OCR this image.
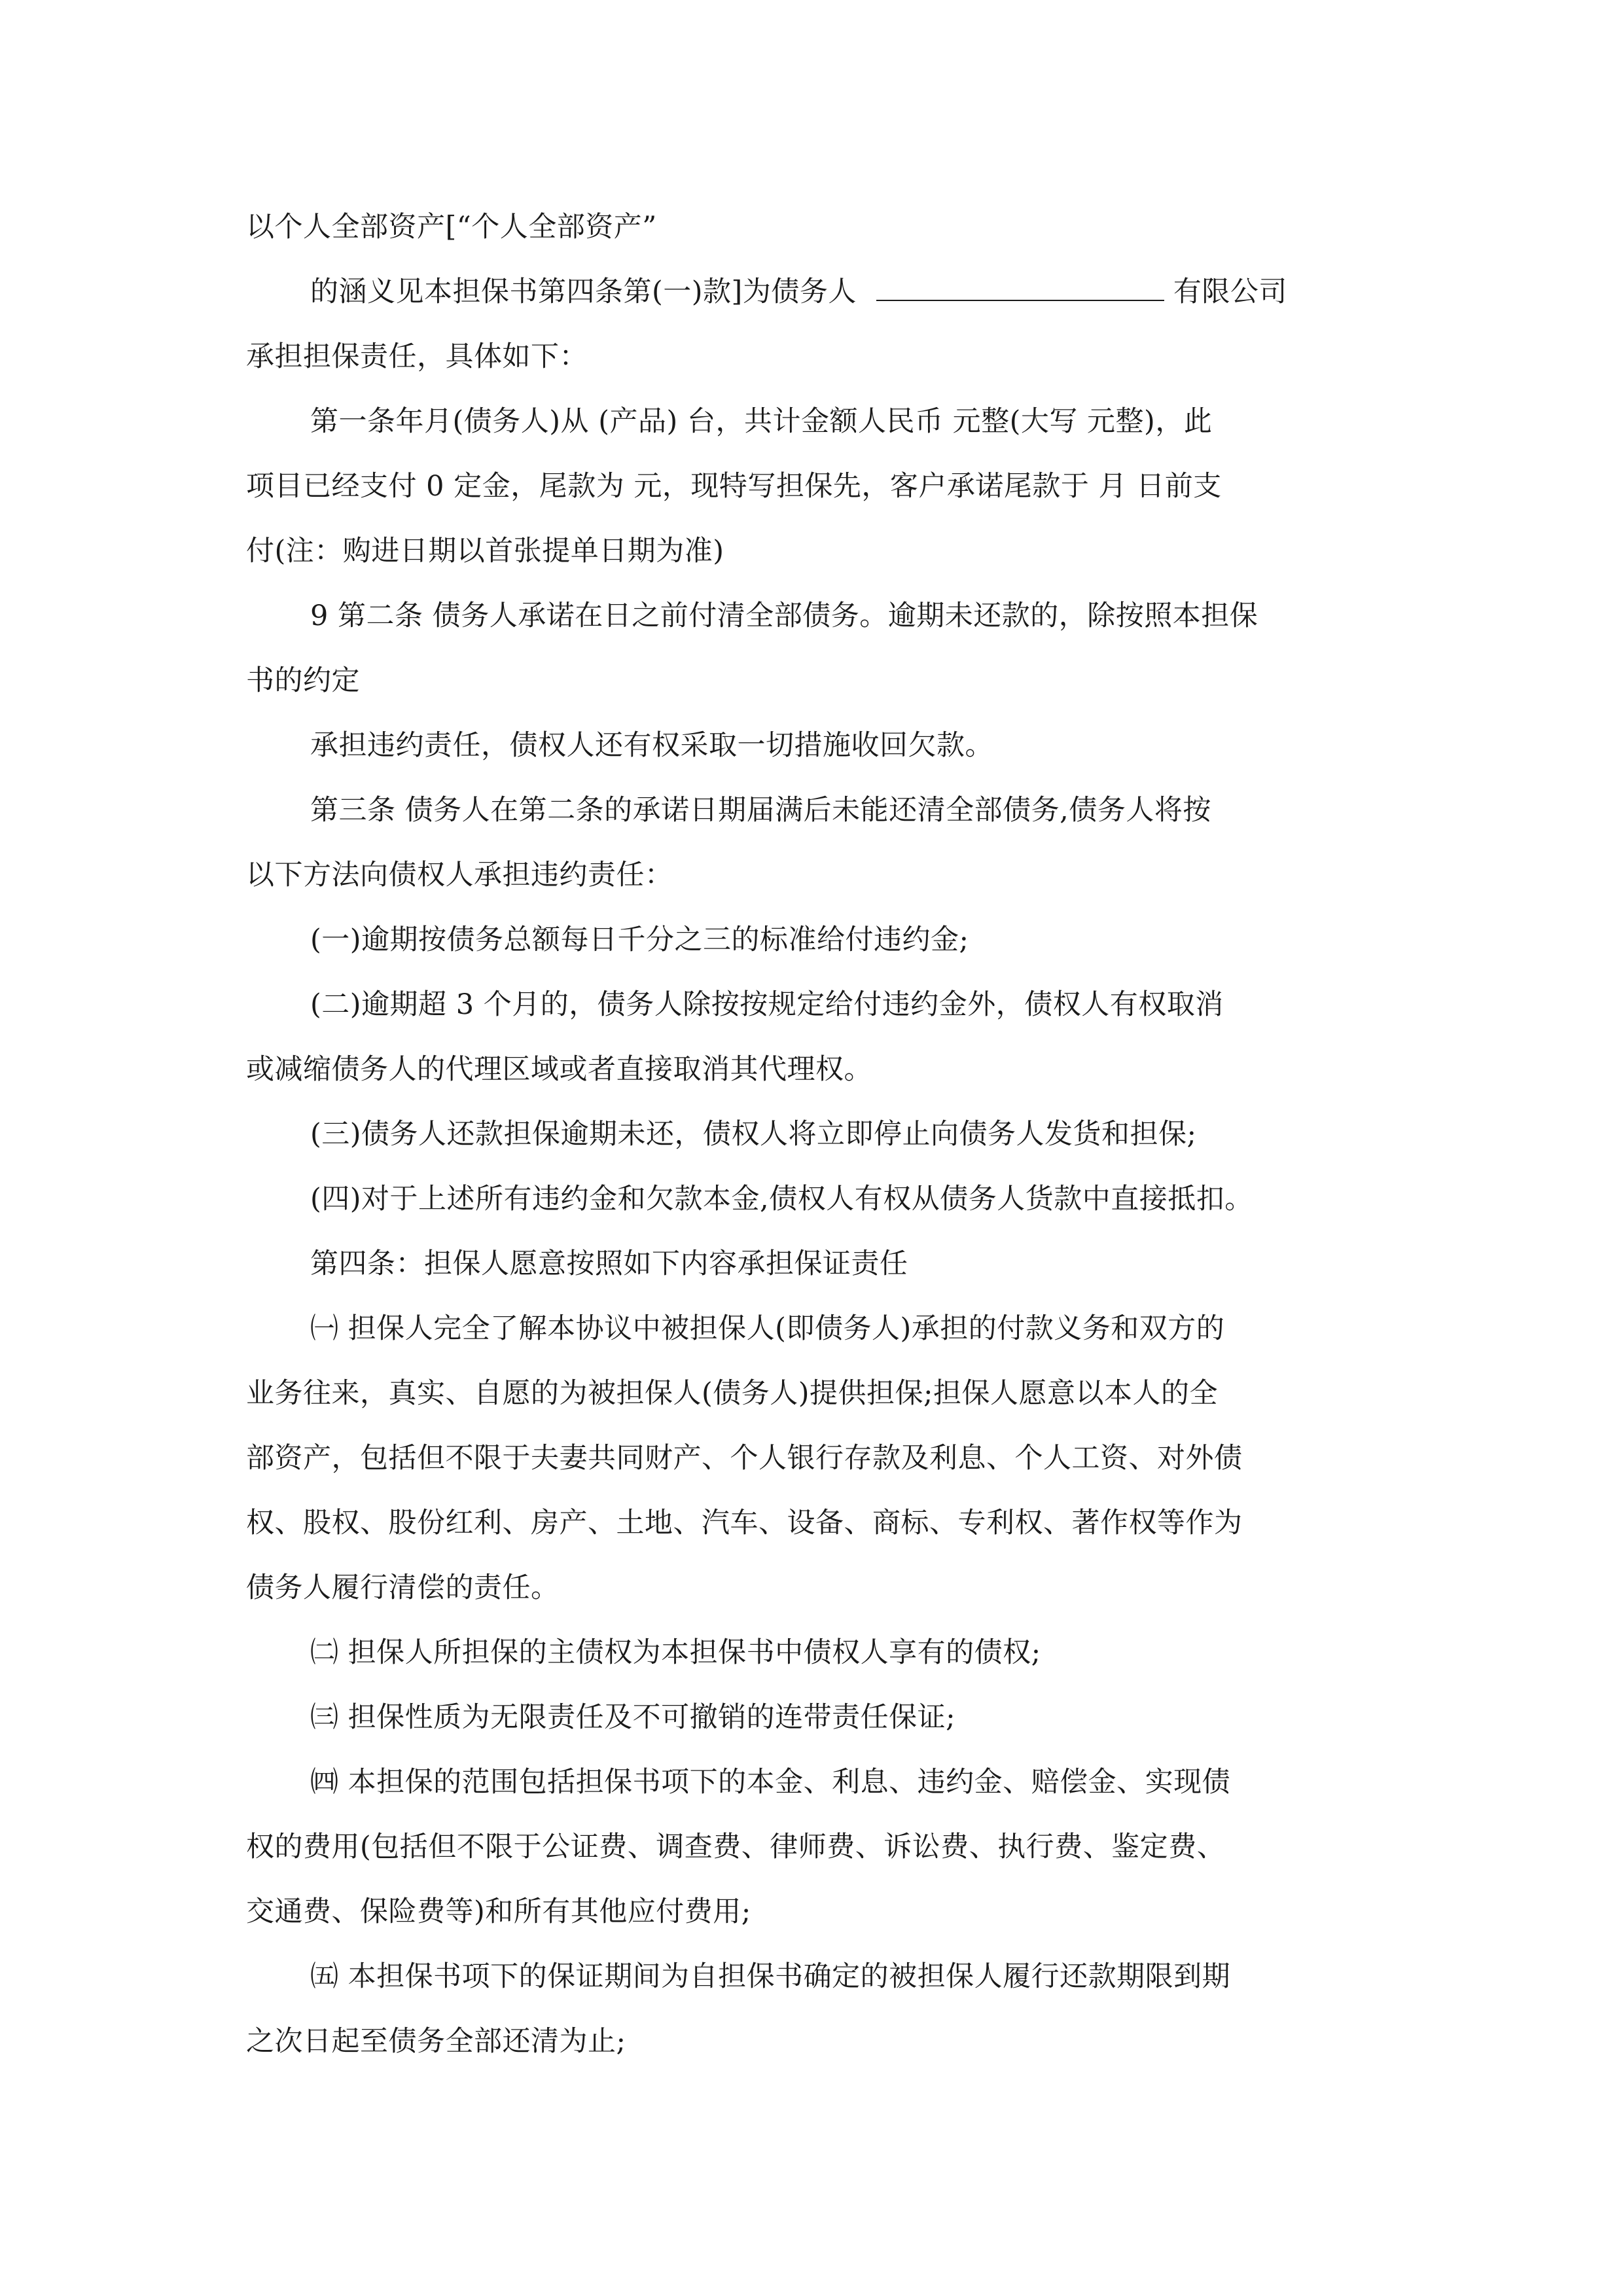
以个人全部资产[“个人全部资产”
的涵义见本担保书第四条第(一)款]为债务人	有限公司
承担担保责任，具体如下：
第一条年月(债务人)从 (产品) 台，共计金额人民币 元整(大写 元整)，此
项目已经支付 0 定金，尾款为 元，现特写担保先，客户承诺尾款于 月 日前支
付(注：购进日期以首张提单日期为准)
9 第二条 债务人承诺在日之前付清全部债务。逾期未还款的，除按照本担保
书的约定
承担违约责任，债权人还有权采取一切措施收回欠款。
第三条 债务人在第二条的承诺日期届满后未能还清全部债务,债务人将按
以下方法向债权人承担违约责任：
(一)逾期按债务总额每日千分之三的标准给付违约金;
(二)逾期超 3 个月的，债务人除按按规定给付违约金外，债权人有权取消
或减缩债务人的代理区域或者直接取消其代理权。
(三)债务人还款担保逾期未还，债权人将立即停止向债务人发货和担保;
(四)对于上述所有违约金和欠款本金,债权人有权从债务人货款中直接抵扣。
第四条：担保人愿意按照如下内容承担保证责任
㈠ 担保人完全了解本协议中被担保人(即债务人)承担的付款义务和双方的
业务往来，真实、自愿的为被担保人(债务人)提供担保;担保人愿意以本人的全
部资产，包括但不限于夫妻共同财产、个人银行存款及利息、个人工资、对外债
权、股权、股份红利、房产、土地、汽车、设备、商标、专利权、著作权等作为
债务人履行清偿的责任。
㈡ 担保人所担保的主债权为本担保书中债权人享有的债权;
㈢ 担保性质为无限责任及不可撤销的连带责任保证;
㈣ 本担保的范围包括担保书项下的本金、利息、违约金、赔偿金、实现债
权的费用(包括但不限于公证费、调查费、律师费、诉讼费、执行费、鉴定费、
交通费、保险费等)和所有其他应付费用;
㈤ 本担保书项下的保证期间为自担保书确定的被担保人履行还款期限到期
之次日起至债务全部还清为止;
